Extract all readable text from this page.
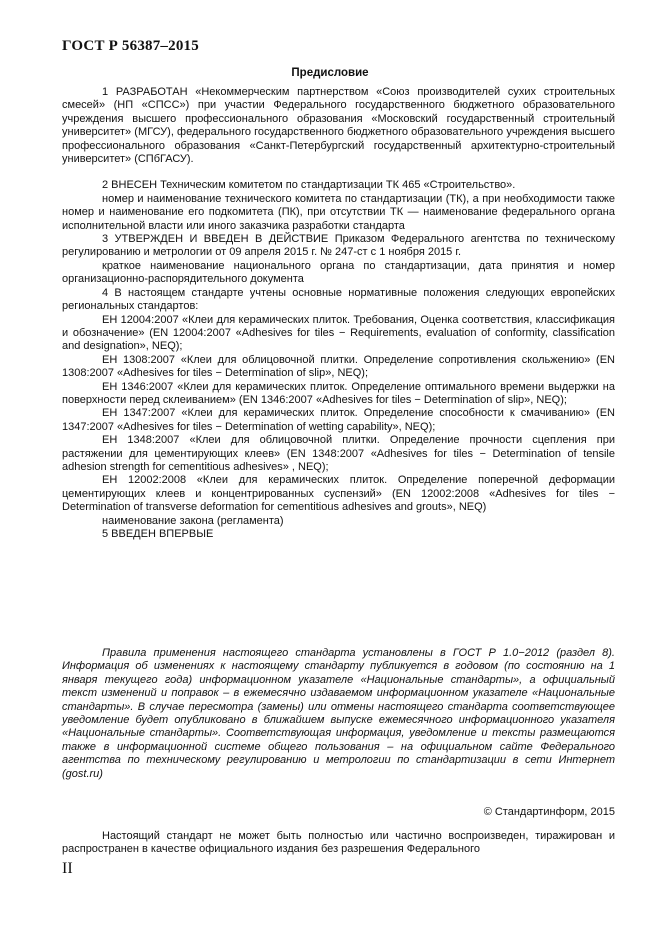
ГОСТ Р 56387–2015
Предисловие

1 РАЗРАБОТАН «Некоммерческим партнерством «Союз производителей сухих строительных смесей» (НП «СПСС») при участии Федерального государственного бюджетного образовательного учреждения высшего профессионального образования «Московский государственный строительный университет» (МГСУ), федерального государственного бюджетного образовательного учреждения высшего профессионального образования «Санкт-Петербургский государственный архитектурно-строительный университет» (СПбГАСУ).

2 ВНЕСЕН Техническим комитетом по стандартизации ТК 465 «Строительство».

номер и наименование технического комитета по стандартизации (ТК), а при необходимости также номер и наименование его подкомитета (ПК), при отсутствии ТК — наименование федерального органа исполнительной власти или иного заказчика разработки стандарта

3 УТВЕРЖДЕН И ВВЕДЕН В ДЕЙСТВИЕ Приказом Федерального агентства по техническому регулированию и метрологии от 09 апреля 2015 г. № 247-ст с 1 ноября 2015 г.

краткое наименование национального органа по стандартизации, дата принятия и номер организационно-распорядительного документа

4 В настоящем стандарте учтены основные нормативные положения следующих европейских региональных стандартов:

ЕН 12004:2007 «Клеи для керамических плиток. Требования, Оценка соответствия, классификация и обозначение» (EN 12004:2007 «Adhesives for tiles − Requirements, evaluation of conformity, classification and designation», NEQ);

ЕН 1308:2007 «Клеи для облицовочной плитки. Определение сопротивления скольжению» (EN 1308:2007 «Adhesives for tiles − Determination of slip», NEQ);

ЕН 1346:2007 «Клеи для керамических плиток. Определение оптимального времени выдержки на поверхности перед склеиванием» (EN 1346:2007 «Adhesives for tiles − Determination of slip», NEQ);

ЕН 1347:2007 «Клеи для керамических плиток. Определение способности к смачиванию» (EN 1347:2007 «Adhesives for tiles − Determination of wetting capability», NEQ);

ЕН 1348:2007 «Клеи для облицовочной плитки. Определение прочности сцепления при растяжении для цементирующих клеев» (EN 1348:2007 «Adhesives for tiles − Determination of tensile adhesion strength for cementitious adhesives» , NEQ);

ЕН 12002:2008 «Клеи для керамических плиток. Определение поперечной деформации цементирующих клеев и концентрированных суспензий» (EN 12002:2008 «Adhesives for tiles − Determination of transverse deformation for cementitious adhesives and grouts», NEQ)

наименование закона (регламента)

5 ВВЕДЕН ВПЕРВЫЕ

Правила применения настоящего стандарта установлены в ГОСТ Р 1.0−2012 (раздел 8). Информация об изменениях к настоящему стандарту публикуется в годовом (по состоянию на 1 января текущего года) информационном указателе «Национальные стандарты», а официальный текст изменений и поправок – в ежемесячно издаваемом информационном указателе «Национальные стандарты». В случае пересмотра (замены) или отмены настоящего стандарта соответствующее уведомление будет опубликовано в ближайшем выпуске ежемесячного информационного указателя «Национальные стандарты». Соответствующая информация, уведомление и тексты размещаются также в информационной системе общего пользования – на официальном сайте Федерального агентства по техническому регулированию и метрологии по стандартизации в сети Интернет (gost.ru)

© Стандартинформ, 2015

Настоящий стандарт не может быть полностью или частично воспроизведен, тиражирован и распространен в качестве официального издания без разрешения Федерального

II
